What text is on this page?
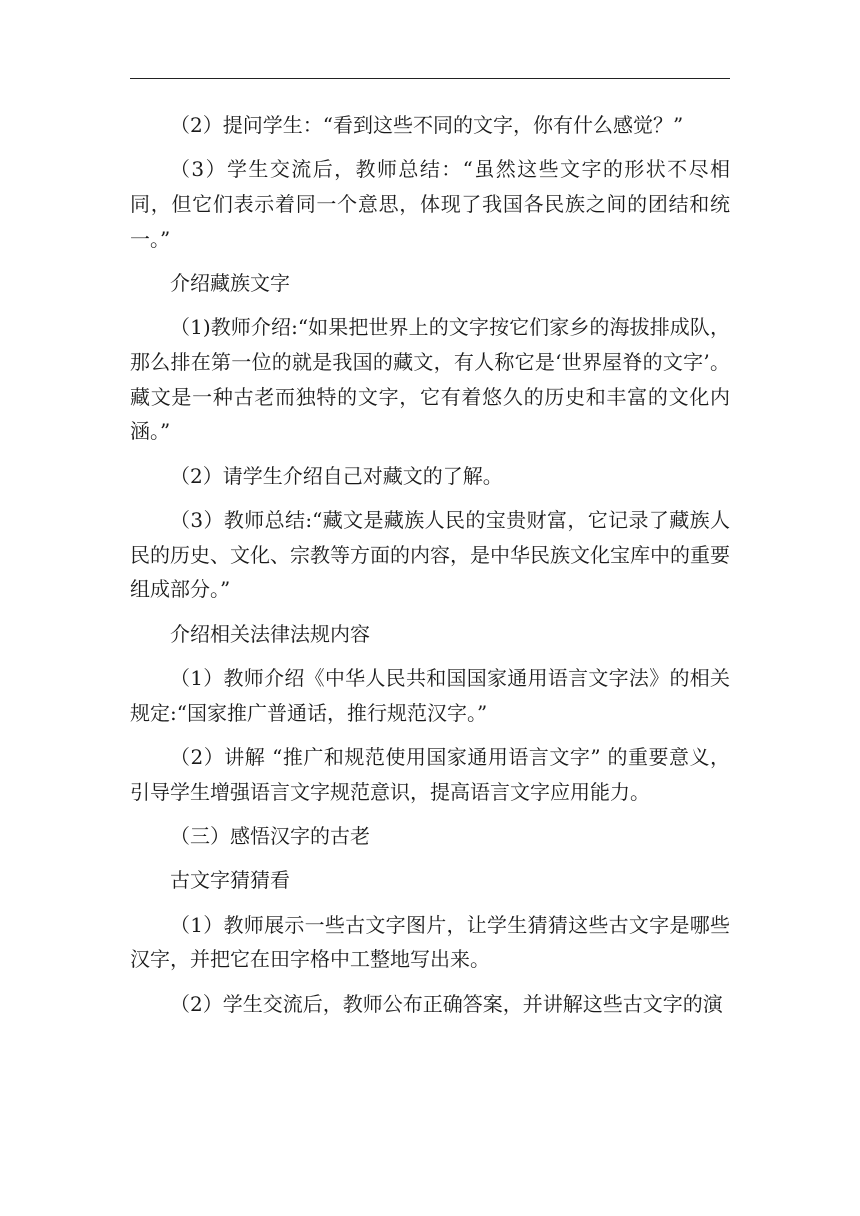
（2）提问学生：“看到这些不同的文字，你有什么感觉？”

（3）学生交流后，教师总结：“虽然这些文字的形状不尽相同，但它们表示着同一个意思，体现了我国各民族之间的团结和统一。”

介绍藏族文字

（1)教师介绍:“如果把世界上的文字按它们家乡的海拔排成队，那么排在第一位的就是我国的藏文，有人称它是‘世界屋脊的文字’。藏文是一种古老而独特的文字，它有着悠久的历史和丰富的文化内涵。”

（2）请学生介绍自己对藏文的了解。

（3）教师总结:“藏文是藏族人民的宝贵财富，它记录了藏族人民的历史、文化、宗教等方面的内容，是中华民族文化宝库中的重要组成部分。”

介绍相关法律法规内容

（1）教师介绍《中华人民共和国国家通用语言文字法》的相关规定:“国家推广普通话，推行规范汉字。”

（2）讲解 “推广和规范使用国家通用语言文字” 的重要意义，引导学生增强语言文字规范意识，提高语言文字应用能力。

（三）感悟汉字的古老

古文字猜猜看

（1）教师展示一些古文字图片，让学生猜猜这些古文字是哪些汉字，并把它在田字格中工整地写出来。

（2）学生交流后，教师公布正确答案，并讲解这些古文字的演
